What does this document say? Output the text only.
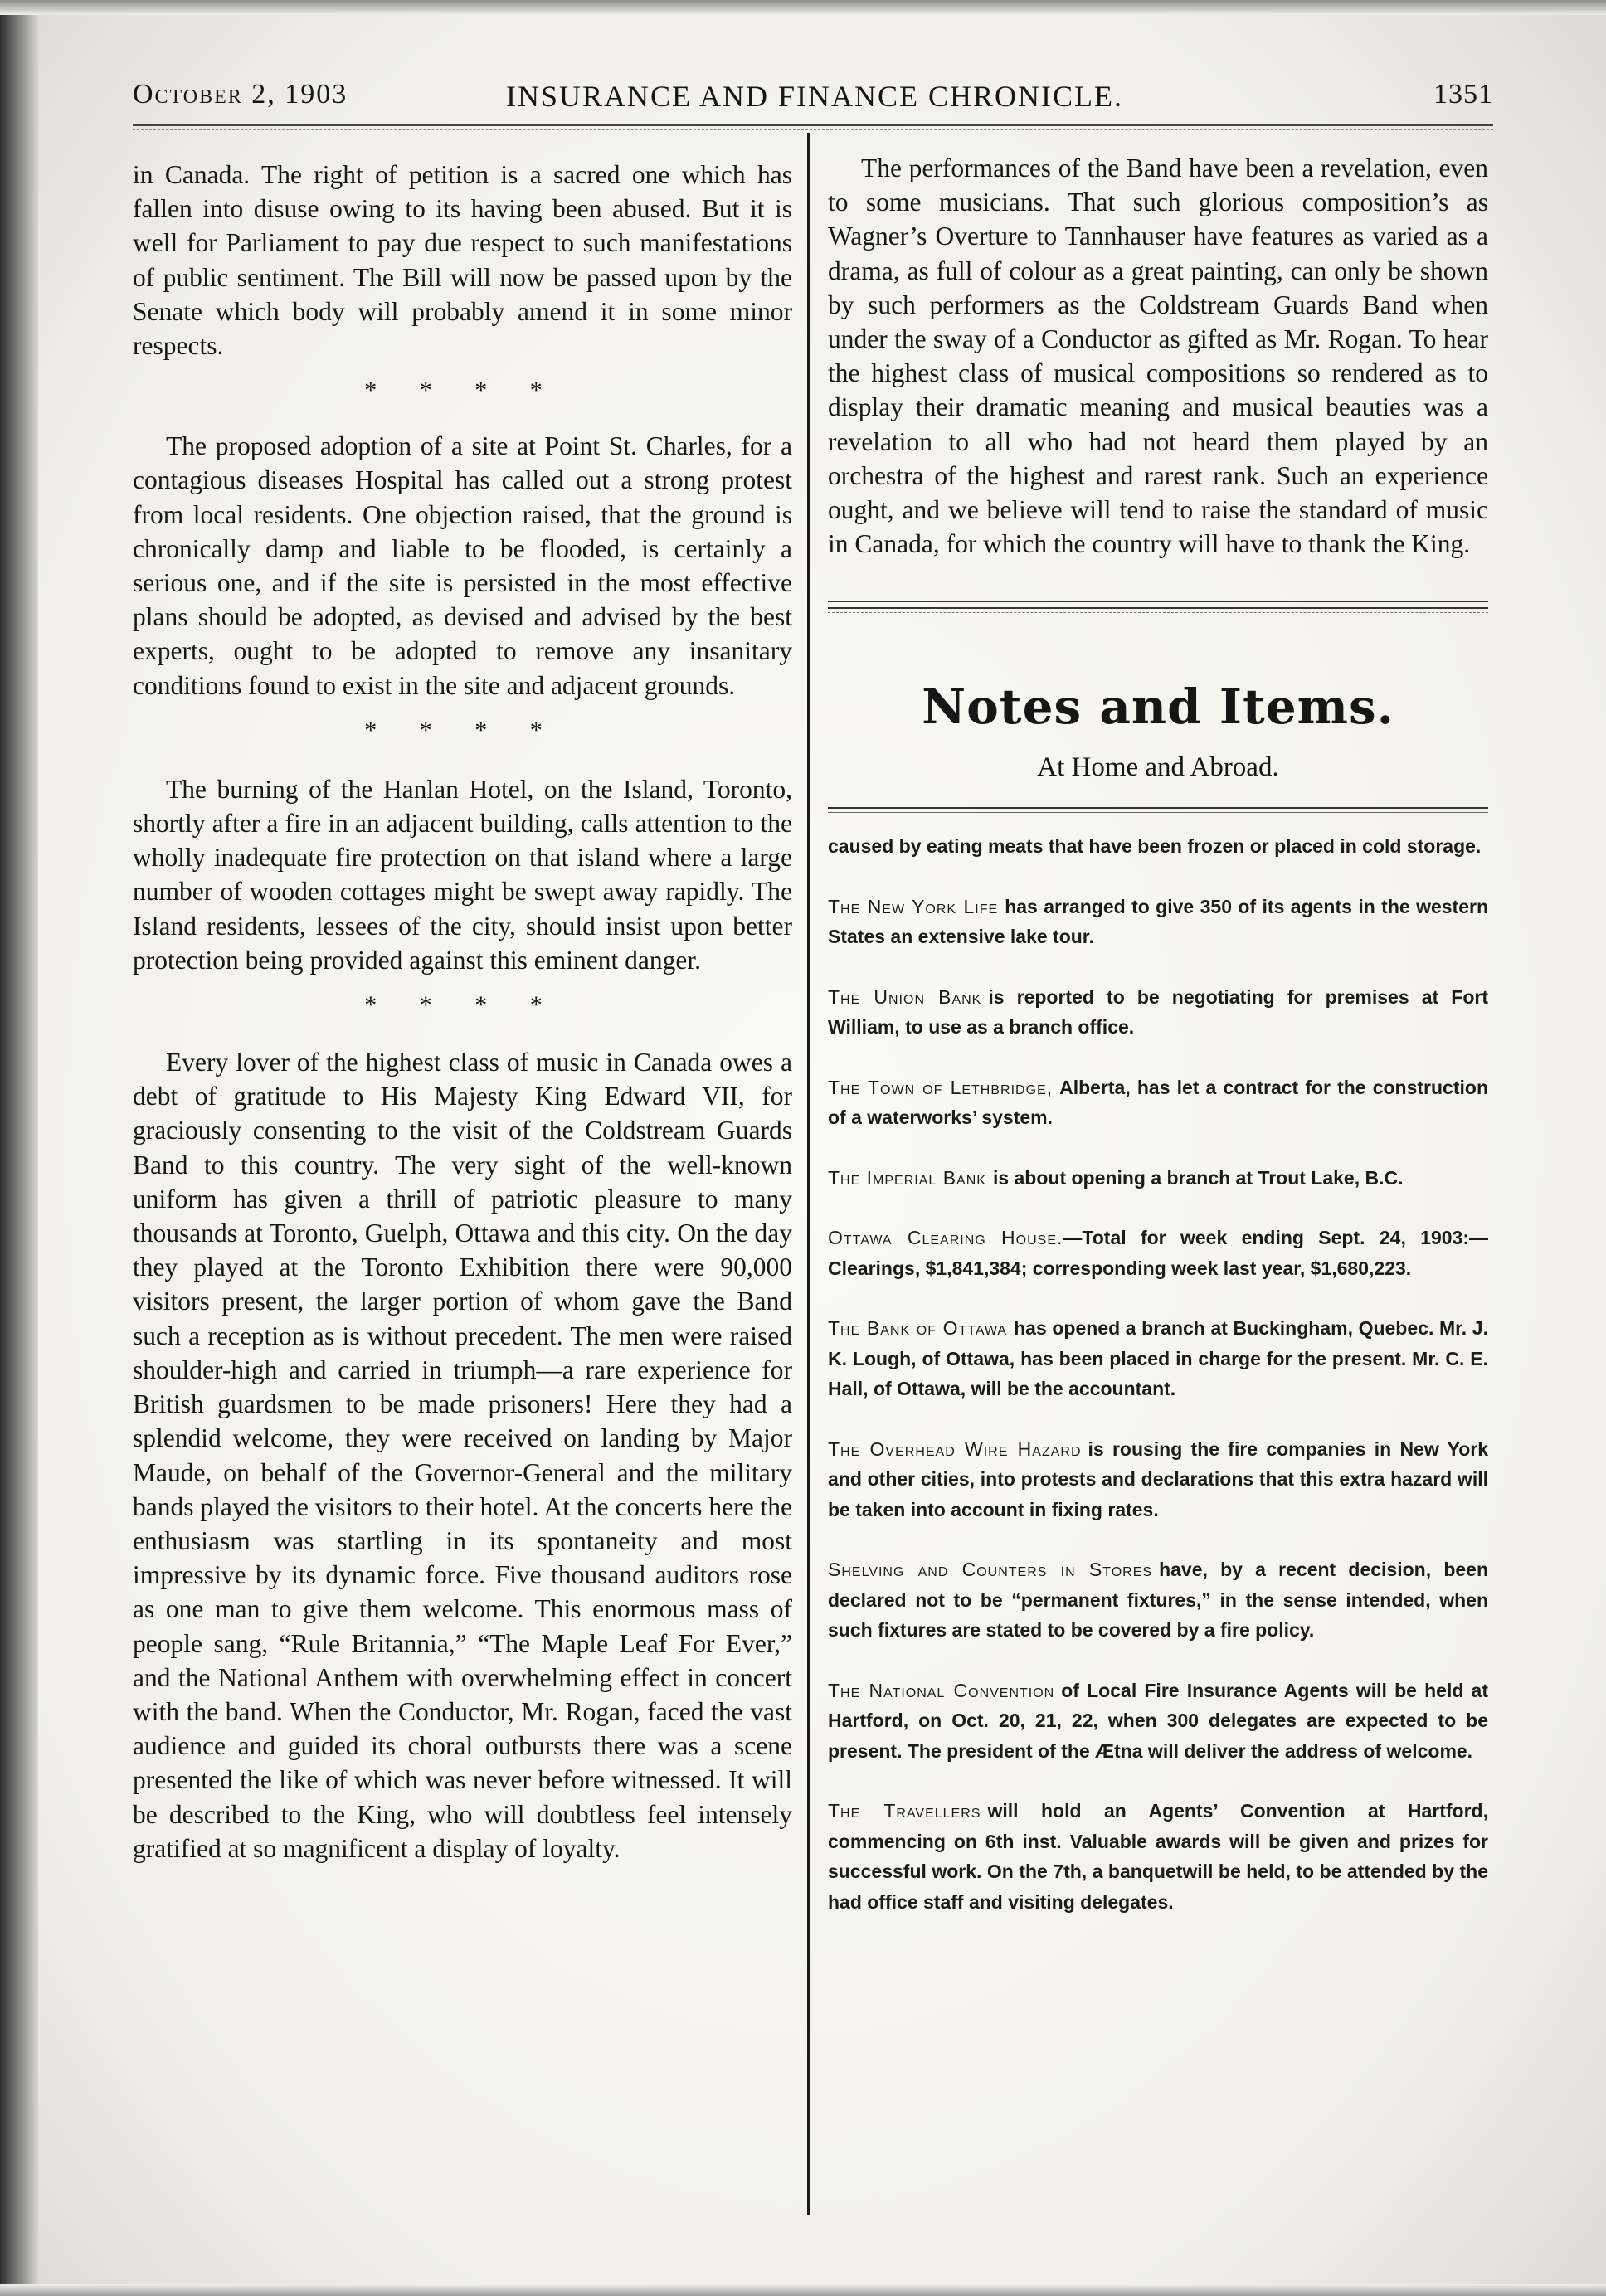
October 2, 1903	INSURANCE AND FINANCE CHRONICLE.	1351

in Canada. The right of petition is a sacred one which has fallen into disuse owing to its having been abused. But it is well for Parliament to pay due respect to such manifestations of public sentiment. The Bill will now be passed upon by the Senate which body will probably amend it in some minor respects.

* * * *

The proposed adoption of a site at Point St. Charles, for a contagious diseases Hospital has called out a strong protest from local residents. One objection raised, that the ground is chronically damp and liable to be flooded, is certainly a serious one, and if the site is persisted in the most effective plans should be adopted, as devised and advised by the best experts, ought to be adopted to remove any insanitary conditions found to exist in the site and adjacent grounds.

* * * *

The burning of the Hanlan Hotel, on the Island, Toronto, shortly after a fire in an adjacent building, calls attention to the wholly inadequate fire protection on that island where a large number of wooden cottages might be swept away rapidly. The Island residents, lessees of the city, should insist upon better protection being provided against this eminent danger.

* * * *

Every lover of the highest class of music in Canada owes a debt of gratitude to His Majesty King Edward VII, for graciously consenting to the visit of the Coldstream Guards Band to this country. The very sight of the well-known uniform has given a thrill of patriotic pleasure to many thousands at Toronto, Guelph, Ottawa and this city. On the day they played at the Toronto Exhibition there were 90,000 visitors present, the larger portion of whom gave the Band such a reception as is without precedent. The men were raised shoulder-high and carried in triumph—a rare experience for British guardsmen to be made prisoners! Here they had a splendid welcome, they were received on landing by Major Maude, on behalf of the Governor-General and the military bands played the visitors to their hotel. At the concerts here the enthusiasm was startling in its spontaneity and most impressive by its dynamic force. Five thousand auditors rose as one man to give them welcome. This enormous mass of people sang, “Rule Britannia,” “The Maple Leaf For Ever,” and the National Anthem with overwhelming effect in concert with the band. When the Conductor, Mr. Rogan, faced the vast audience and guided its choral outbursts there was a scene presented the like of which was never before witnessed. It will be described to the King, who will doubtless feel intensely gratified at so magnificent a display of loyalty.

The performances of the Band have been a revelation, even to some musicians. That such glorious composition’s as Wagner’s Overture to Tannhauser have features as varied as a drama, as full of colour as a great painting, can only be shown by such performers as the Coldstream Guards Band when under the sway of a Conductor as gifted as Mr. Rogan. To hear the highest class of musical compositions so rendered as to display their dramatic meaning and musical beauties was a revelation to all who had not heard them played by an orchestra of the highest and rarest rank. Such an experience ought, and we believe will tend to raise the standard of music in Canada, for which the country will have to thank the King.

Notes and Items.
At Home and Abroad.

caused by eating meats that have been frozen or placed in cold storage.

The New York Life has arranged to give 350 of its agents in the western States an extensive lake tour.

The Union Bank is reported to be negotiating for premises at Fort William, to use as a branch office.

The Town of Lethbridge, Alberta, has let a contract for the construction of a waterworks’ system.

The Imperial Bank is about opening a branch at Trout Lake, B.C.

Ottawa Clearing House.—Total for week ending Sept. 24, 1903:—Clearings, $1,841,384; corresponding week last year, $1,680,223.

The Bank of Ottawa has opened a branch at Buckingham, Quebec. Mr. J. K. Lough, of Ottawa, has been placed in charge for the present. Mr. C. E. Hall, of Ottawa, will be the accountant.

The Overhead Wire Hazard is rousing the fire companies in New York and other cities, into protests and declarations that this extra hazard will be taken into account in fixing rates.

Shelving and Counters in Stores have, by a recent decision, been declared not to be “permanent fixtures,” in the sense intended, when such fixtures are stated to be covered by a fire policy.

The National Convention of Local Fire Insurance Agents will be held at Hartford, on Oct. 20, 21, 22, when 300 delegates are expected to be present. The president of the Ætna will deliver the address of welcome.

The Travellers will hold an Agents’ Convention at Hartford, commencing on 6th inst. Valuable awards will be given and prizes for successful work. On the 7th, a banquetwill be held, to be attended by the had office staff and visiting delegates.
